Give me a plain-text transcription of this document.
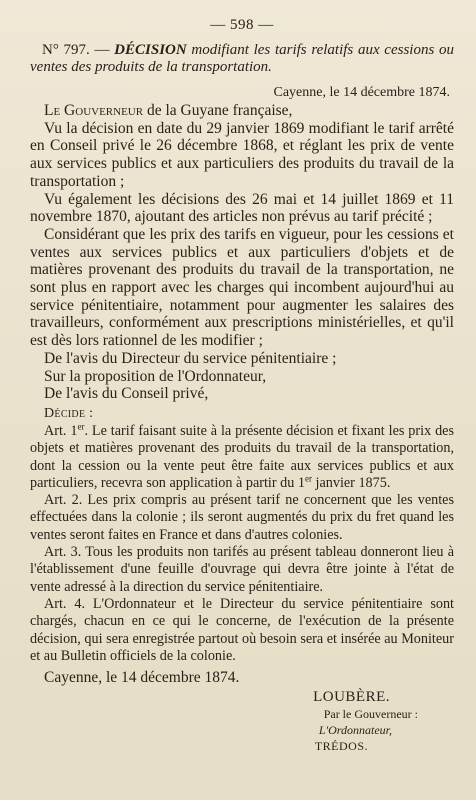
— 598 —

N° 797. — DÉCISION modifiant les tarifs relatifs aux cessions ou ventes des produits de la transportation.

Cayenne, le 14 décembre 1874.

Le Gouverneur de la Guyane française,

Vu la décision en date du 29 janvier 1869 modifiant le tarif arrêté en Conseil privé le 26 décembre 1868, et réglant les prix de vente aux services publics et aux particuliers des produits du travail de la transportation ;

Vu également les décisions des 26 mai et 14 juillet 1869 et 11 novembre 1870, ajoutant des articles non prévus au tarif précité ;

Considérant que les prix des tarifs en vigueur, pour les cessions et ventes aux services publics et aux particuliers d'objets et de matières provenant des produits du travail de la transportation, ne sont plus en rapport avec les charges qui incombent aujourd'hui au service pénitentiaire, notamment pour augmenter les salaires des travailleurs, conformément aux prescriptions ministérielles, et qu'il est dès lors rationnel de les modifier ;

De l'avis du Directeur du service pénitentiaire ;

Sur la proposition de l'Ordonnateur,

De l'avis du Conseil privé,

Décide :

Art. 1er. Le tarif faisant suite à la présente décision et fixant les prix des objets et matières provenant des produits du travail de la transportation, dont la cession ou la vente peut être faite aux services publics et aux particuliers, recevra son application à partir du 1er janvier 1875.

Art. 2. Les prix compris au présent tarif ne concernent que les ventes effectuées dans la colonie ; ils seront augmentés du prix du fret quand les ventes seront faites en France et dans d'autres colonies.

Art. 3. Tous les produits non tarifés au présent tableau donneront lieu à l'établissement d'une feuille d'ouvrage qui devra être jointe à l'état de vente adressé à la direction du service pénitentiaire.

Art. 4. L'Ordonnateur et le Directeur du service pénitentiaire sont chargés, chacun en ce qui le concerne, de l'exécution de la présente décision, qui sera enregistrée partout où besoin sera et insérée au Moniteur et au Bulletin officiels de la colonie.

Cayenne, le 14 décembre 1874.

LOUBÈRE.
Par le Gouverneur :
L'Ordonnateur,
TRÉDOS.
